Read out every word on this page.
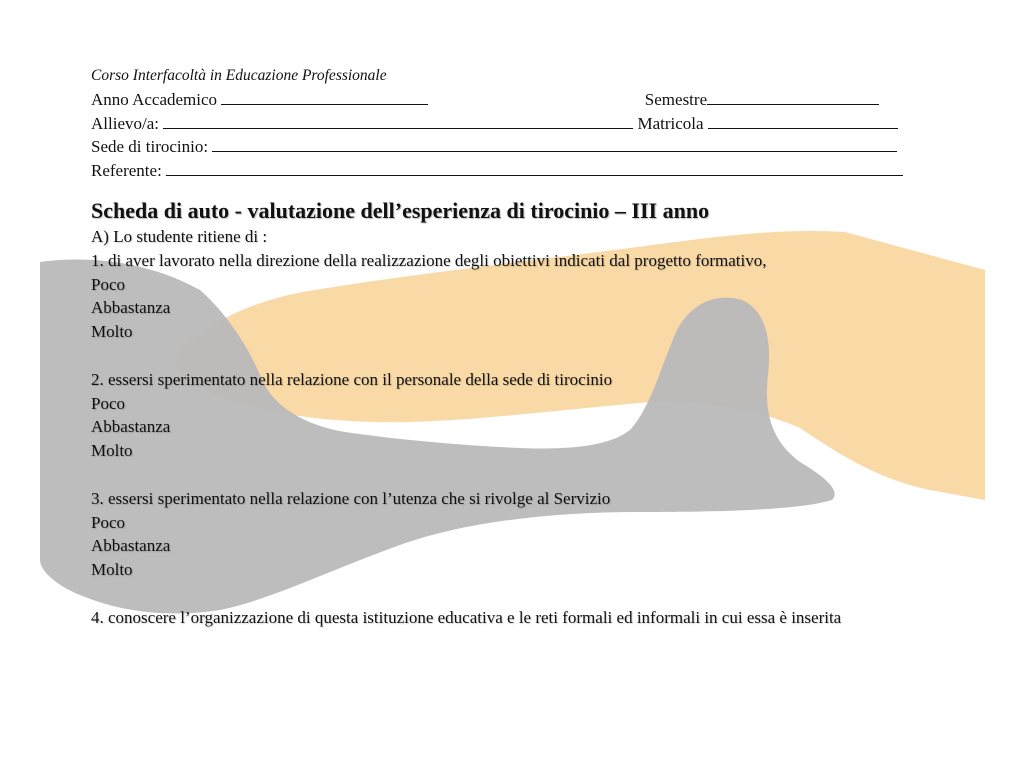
Corso Interfacoltà in Educazione Professionale
Anno Accademico	Semestre
Allievo/a:	Matricola
Sede di tirocinio:
Referente:
Scheda di auto - valutazione dell’esperienza di tirocinio – III anno
A) Lo studente ritiene di :
1. di aver lavorato nella direzione della realizzazione degli obiettivi indicati dal progetto formativo,
Poco
Abbastanza
Molto
2. essersi sperimentato nella relazione con il personale della sede di tirocinio
Poco
Abbastanza
Molto
3. essersi sperimentato nella relazione con l’utenza che si rivolge al Servizio
Poco
Abbastanza
Molto
4. conoscere l’organizzazione di questa istituzione educativa e le reti formali ed informali in cui essa è inserita
